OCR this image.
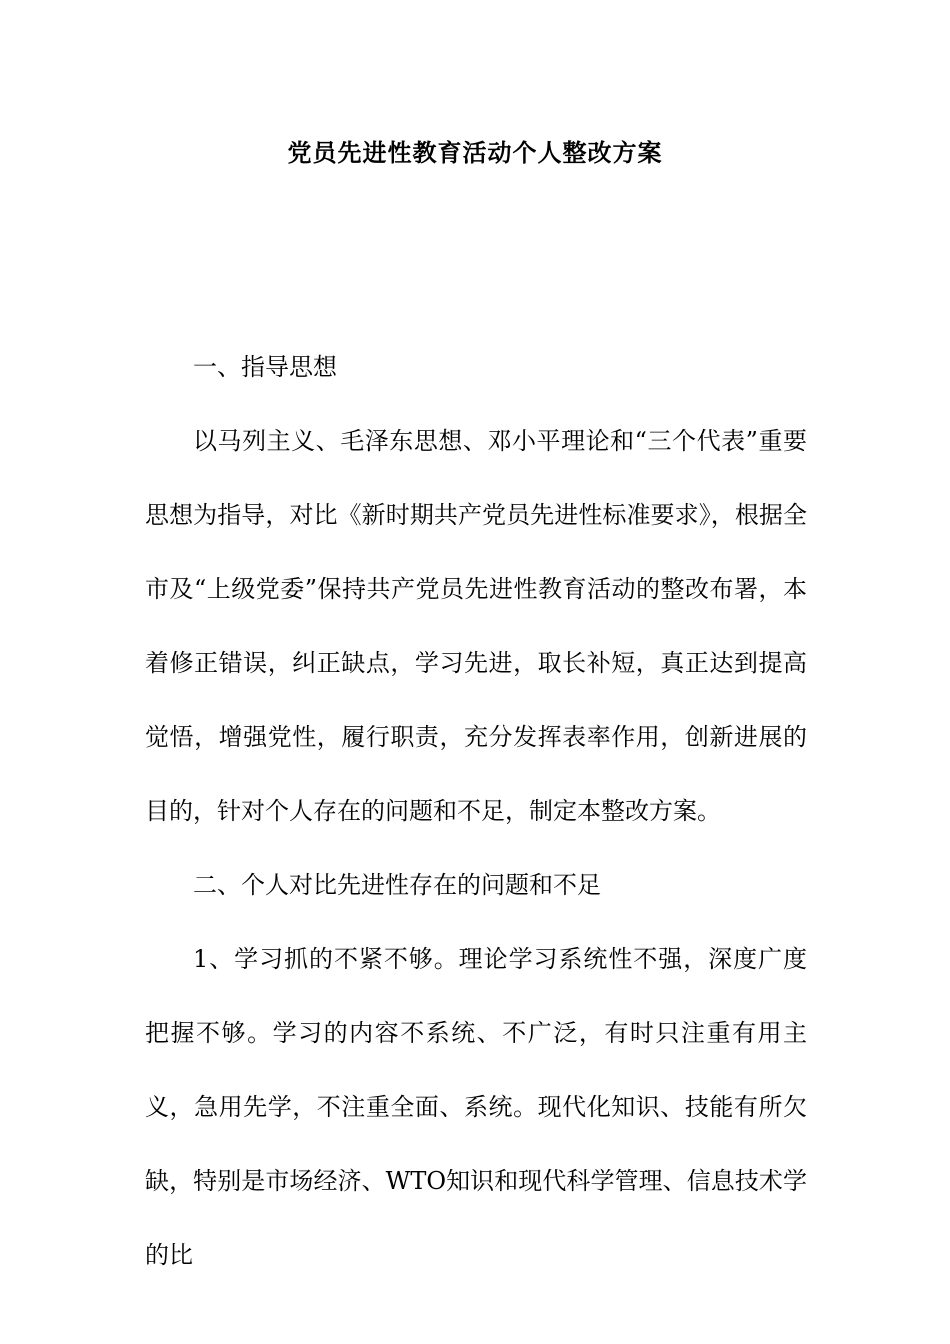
党员先进性教育活动个人整改方案

一、指导思想

以马列主义、毛泽东思想、邓小平理论和“三个代表”重要思想为指导，对比《新时期共产党员先进性标准要求》，根据全市及“上级党委”保持共产党员先进性教育活动的整改布署，本着修正错误，纠正缺点，学习先进，取长补短，真正达到提高觉悟，增强党性，履行职责，充分发挥表率作用，创新进展的目的，针对个人存在的问题和不足，制定本整改方案。

二、个人对比先进性存在的问题和不足

1、学习抓的不紧不够。理论学习系统性不强，深度广度把握不够。学习的内容不系统、不广泛，有时只注重有用主义，急用先学，不注重全面、系统。现代化知识、技能有所欠缺，特别是市场经济、WTO知识和现代科学管理、信息技术学的比
